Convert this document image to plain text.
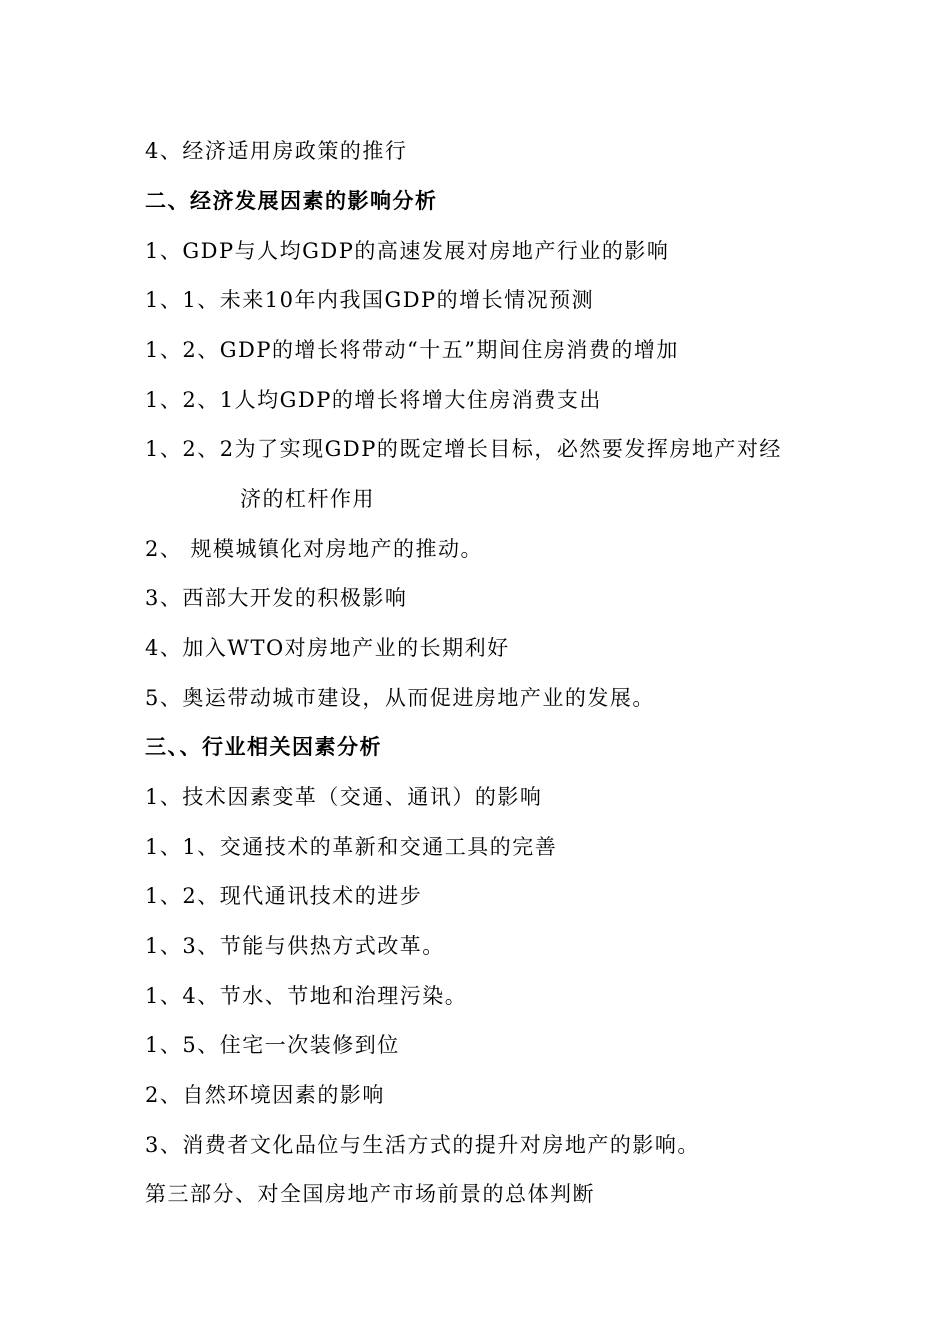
4、经济适用房政策的推行
二、经济发展因素的影响分析
1、GDP与人均GDP的高速发展对房地产行业的影响
1、1、未来10年内我国GDP的增长情况预测
1、2、GDP的增长将带动“十五”期间住房消费的增加
1、2、1人均GDP的增长将增大住房消费支出
1、2、2为了实现GDP的既定增长目标，必然要发挥房地产对经
济的杠杆作用
2、 规模城镇化对房地产的推动。
3、西部大开发的积极影响
4、加入WTO对房地产业的长期利好
5、奥运带动城市建设，从而促进房地产业的发展。
三、、行业相关因素分析
1、技术因素变革（交通、通讯）的影响
1、1、交通技术的革新和交通工具的完善
1、2、现代通讯技术的进步
1、3、节能与供热方式改革。
1、4、节水、节地和治理污染。
1、5、住宅一次装修到位
2、自然环境因素的影响
3、消费者文化品位与生活方式的提升对房地产的影响。
第三部分、对全国房地产市场前景的总体判断
